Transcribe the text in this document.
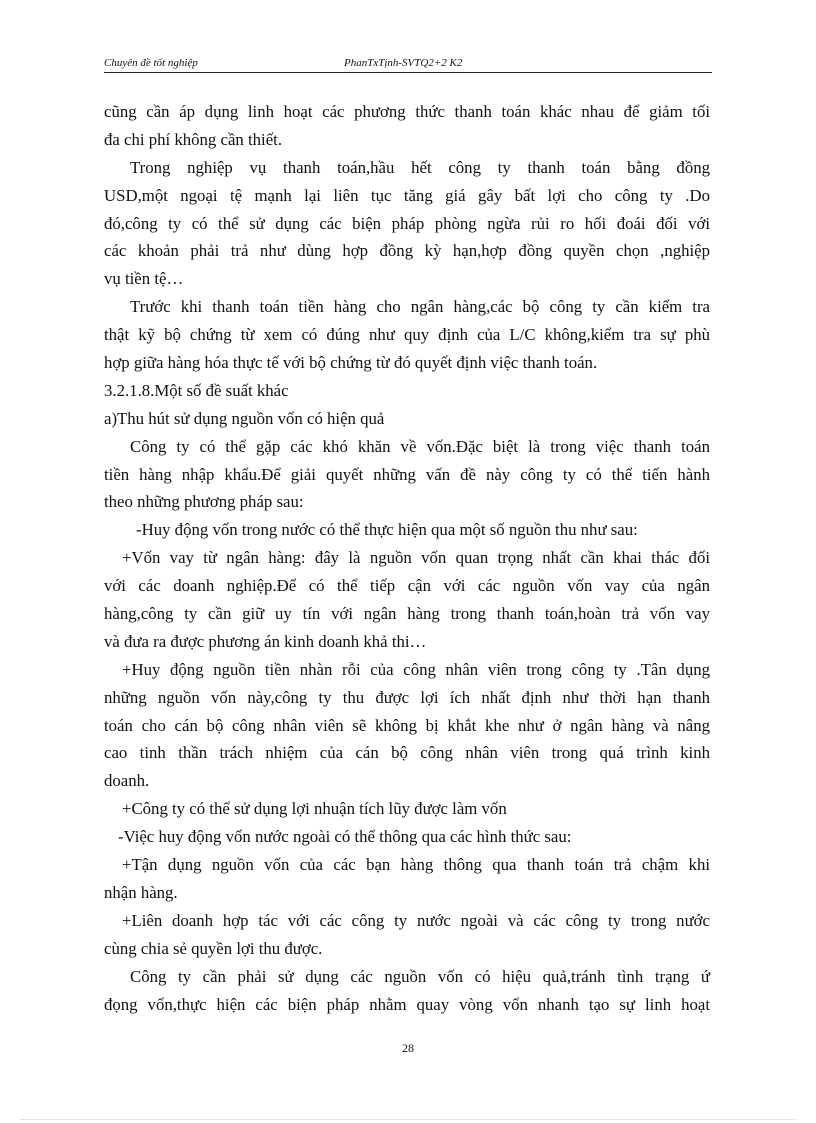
Chuyên đề tốt nghiệp	PhanTxTịnh-SVTQ2+2 K2
cũng cần áp dụng linh hoạt các phương thức thanh toán khác nhau để giảm tối
đa chi phí không cần thiết.
Trong nghiệp vụ thanh toán,hầu hết công ty thanh toán bằng đồng
USD,một ngoại tệ mạnh lại liên tục tăng giá gây bất lợi cho công ty .Do
đó,công ty có thể sử dụng các biện pháp phòng ngừa rủi ro hối đoái đối với
các khoản phải trả như dùng hợp đồng kỳ hạn,hợp đồng quyền chọn ,nghiệp
vụ tiền tệ…
Trước khi thanh toán tiền hàng cho ngân hàng,các bộ công ty cần kiểm tra
thật kỹ bộ chứng từ xem có đúng như quy định của L/C không,kiểm tra sự phù
hợp giữa hàng hóa thực tế với bộ chứng từ đó quyết định việc thanh toán.
3.2.1.8.Một số đề suất khác
a)Thu hút sử dụng nguồn vốn có hiện quả
Công ty có thể gặp các khó khăn về vốn.Đặc biệt là trong việc thanh toán
tiền hàng nhập khẩu.Để giải quyết những vấn đề này công ty có thể tiến hành
theo những phương pháp sau:
-Huy động vốn trong nước có thể thực hiện qua một số nguồn thu như sau:
+Vốn vay từ ngân hàng: đây là nguồn vốn quan trọng nhất cần khai thác đối
với các doanh nghiệp.Để có thể tiếp cận với các nguồn vốn vay của ngân
hàng,công ty cần giữ uy tín với ngân hàng trong thanh toán,hoàn trả vốn vay
và đưa ra được phương án kinh doanh khả thi…
+Huy động nguồn tiền nhàn rỗi của công nhân viên trong công ty .Tân dụng
những nguồn vốn này,công ty thu được lợi ích nhất định như thời hạn thanh
toán cho cán bộ công nhân viên sẽ không bị khắt khe như ở ngân hàng và nâng
cao tinh thần trách nhiệm của cán bộ công nhân viên trong quá trình kinh
doanh.
+Công ty có thể sử dụng lợi nhuận tích lũy được làm vốn
-Việc huy động vốn nước ngoài có thể thông qua các hình thức sau:
+Tận dụng nguồn vốn của các bạn hàng thông qua thanh toán trả chậm khi
nhận hàng.
+Liên doanh hợp tác với các công ty nước ngoài và các công ty trong nước
cùng chia sẻ quyền lợi thu được.
Công ty cần phải sử dụng các nguồn vốn có hiệu quả,tránh tình trạng ứ
đọng vốn,thực hiện các biện pháp nhằm quay vòng vốn nhanh tạo sự linh hoạt
28
